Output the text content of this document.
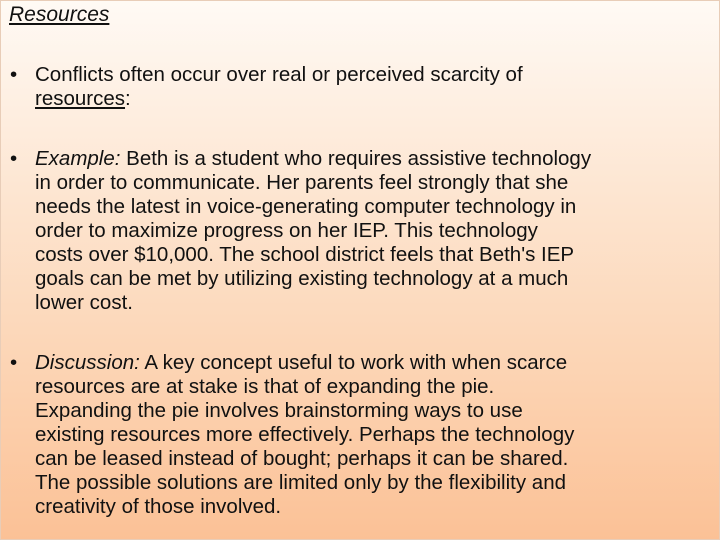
Resources
• Conflicts often occur over real or perceived scarcity of
resources:
• Example: Beth is a student who requires assistive technology
in order to communicate. Her parents feel strongly that she
needs the latest in voice-generating computer technology in
order to maximize progress on her IEP. This technology
costs over $10,000. The school district feels that Beth's IEP
goals can be met by utilizing existing technology at a much
lower cost.
• Discussion: A key concept useful to work with when scarce
resources are at stake is that of expanding the pie.
Expanding the pie involves brainstorming ways to use
existing resources more effectively. Perhaps the technology
can be leased instead of bought; perhaps it can be shared.
The possible solutions are limited only by the flexibility and
creativity of those involved.
